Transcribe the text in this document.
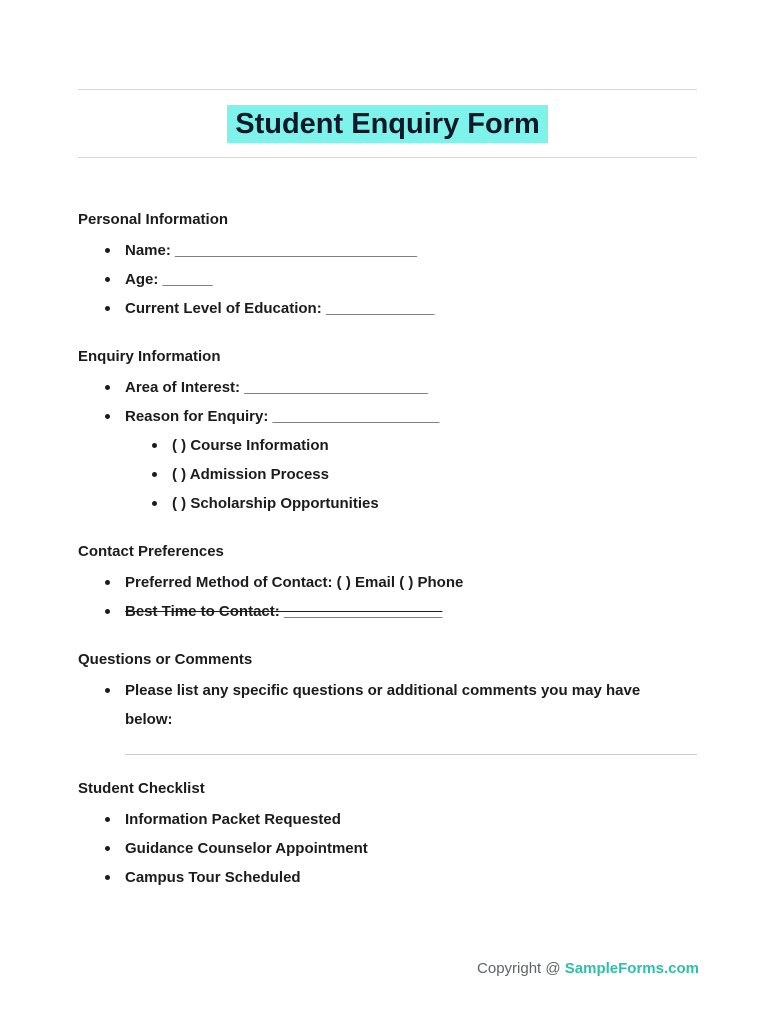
Student Enquiry Form
Personal Information
Name: _____________________________
Age: ______
Current Level of Education: _____________
Enquiry Information
Area of Interest: ______________________
Reason for Enquiry: ____________________
( ) Course Information
( ) Admission Process
( ) Scholarship Opportunities
Contact Preferences
Preferred Method of Contact: ( ) Email ( ) Phone
Best Time to Contact: ___________________
Questions or Comments
Please list any specific questions or additional comments you may have
below:
Student Checklist
Information Packet Requested
Guidance Counselor Appointment
Campus Tour Scheduled
Copyright @ SampleForms.com
